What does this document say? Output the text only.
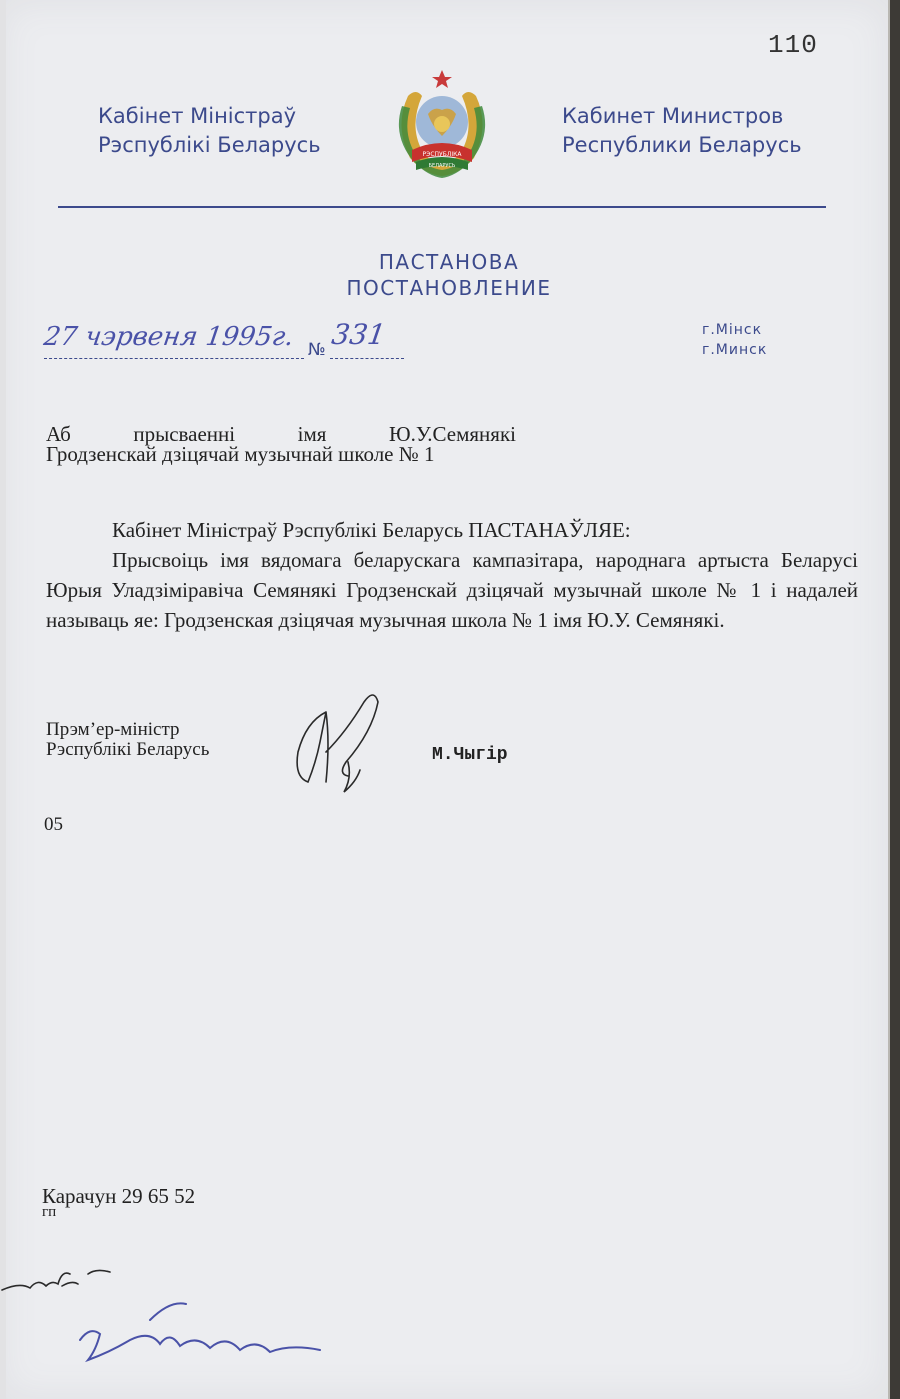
110
Кабінет Міністраў
Рэспублікі Беларусь	РЭСПУБЛІКА
БЕЛАРУСЬ
Кабинет Министров
Республики Беларусь
ПАСТАНОВА
ПОСТАНОВЛЕНИЕ
27 чэрвеня 1995г. № 331	г.Мінск
г.Минск
Аб	прысваенні	імя	Ю.У.Семянякі
Гродзенскай дзіцячай музычнай школе № 1

Кабінет Міністраў Рэспублікі Беларусь ПАСТАНАЎЛЯЕ:

Прысвоіць імя вядомага беларускага кампазітара, народнага артыста Беларусі Юрыя Уладзіміравіча Семянякі Гродзенскай дзіцячай музычнай школе № 1 і надалей называць яе: Гродзенская дзіцячая музычная школа № 1 імя Ю.У. Семянякі.

Прэм’ер-міністр
Рэспублікі Беларусь	М.Чыгір
05
Карачун 29 65 52
гп
